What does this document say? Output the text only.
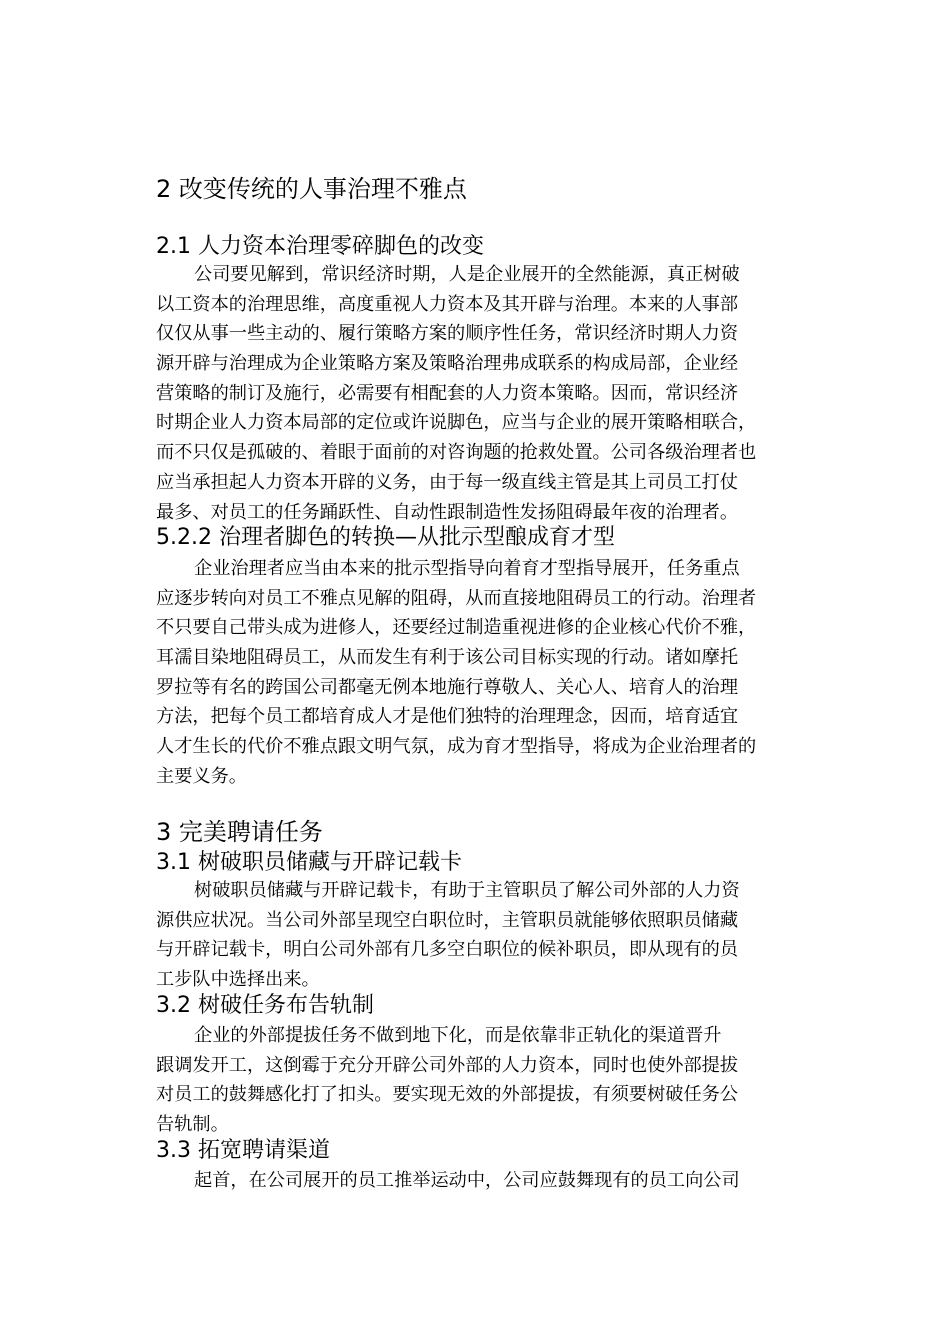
2 改变传统的人事治理不雅点
2.1 人力资本治理零碎脚色的改变
公司要见解到，常识经济时期，人是企业展开的全然能源，真正树破
以工资本的治理思维，高度重视人力资本及其开辟与治理。本来的人事部
仅仅从事一些主动的、履行策略方案的顺序性任务，常识经济时期人力资
源开辟与治理成为企业策略方案及策略治理弗成联系的构成局部，企业经
营策略的制订及施行，必需要有相配套的人力资本策略。因而，常识经济
时期企业人力资本局部的定位或许说脚色，应当与企业的展开策略相联合，
而不只仅是孤破的、着眼于面前的对咨询题的抢救处置。公司各级治理者也
应当承担起人力资本开辟的义务，由于每一级直线主管是其上司员工打仗
最多、对员工的任务踊跃性、自动性跟制造性发扬阻碍最年夜的治理者。
5.2.2 治理者脚色的转换—从批示型酿成育才型
企业治理者应当由本来的批示型指导向着育才型指导展开，任务重点
应逐步转向对员工不雅点见解的阻碍，从而直接地阻碍员工的行动。治理者
不只要自己带头成为进修人，还要经过制造重视进修的企业核心代价不雅，
耳濡目染地阻碍员工，从而发生有利于该公司目标实现的行动。诸如摩托
罗拉等有名的跨国公司都毫无例本地施行尊敬人、关心人、培育人的治理
方法，把每个员工都培育成人才是他们独特的治理理念，因而，培育适宜
人才生长的代价不雅点跟文明气氛，成为育才型指导，将成为企业治理者的
主要义务。
3 完美聘请任务
3.1 树破职员储藏与开辟记载卡
树破职员储藏与开辟记载卡，有助于主管职员了解公司外部的人力资
源供应状况。当公司外部呈现空白职位时，主管职员就能够依照职员储藏
与开辟记载卡，明白公司外部有几多空白职位的候补职员，即从现有的员
工步队中选择出来。
3.2 树破任务布告轨制
企业的外部提拔任务不做到地下化，而是依靠非正轨化的渠道晋升
跟调发开工，这倒霉于充分开辟公司外部的人力资本，同时也使外部提拔
对员工的鼓舞感化打了扣头。要实现无效的外部提拔，有须要树破任务公
告轨制。
3.3 拓宽聘请渠道
起首，在公司展开的员工推举运动中，公司应鼓舞现有的员工向公司
